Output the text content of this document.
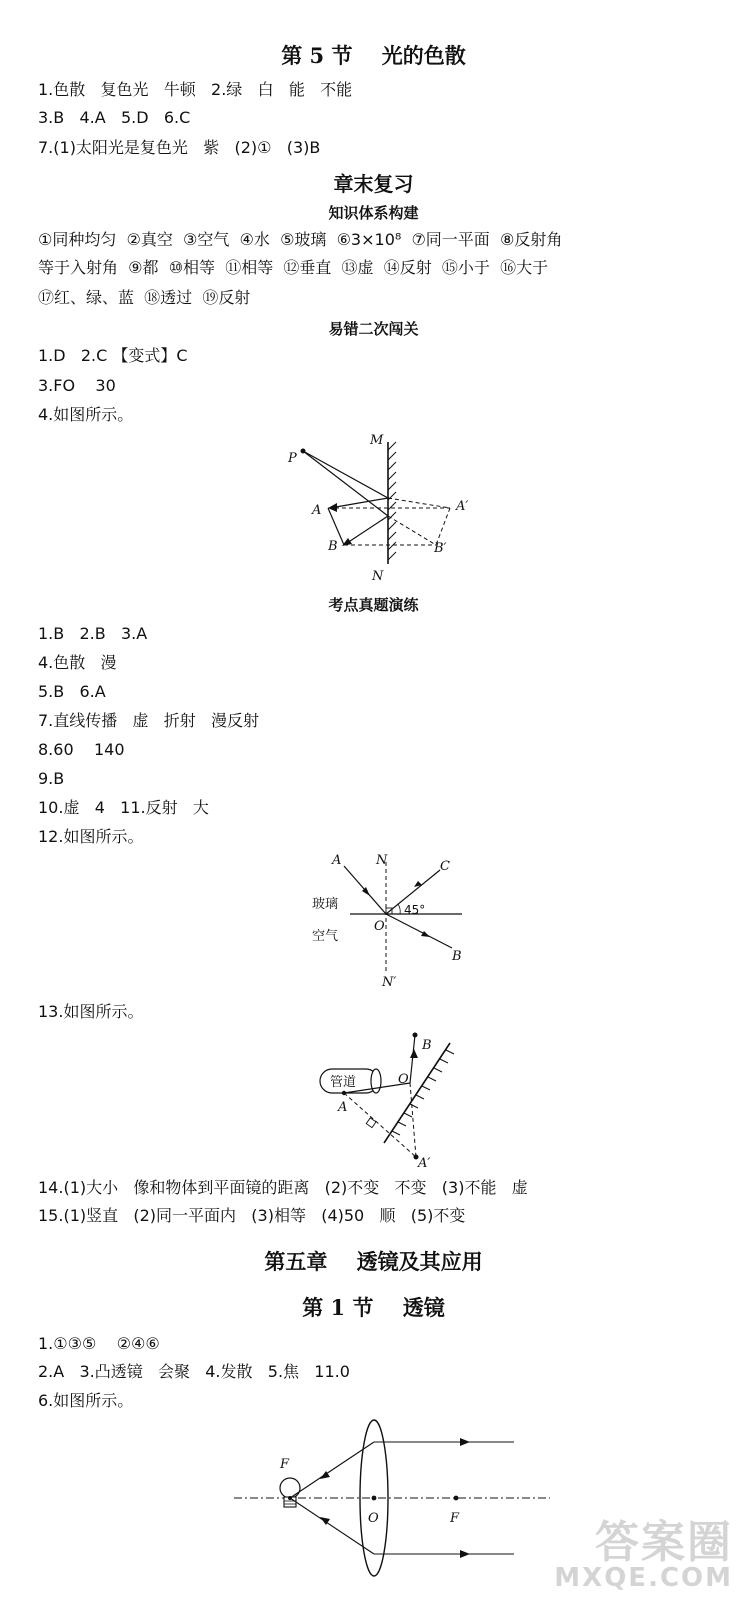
第 5 节    光的色散
1.色散   复色光   牛顿   2.绿   白   能   不能
3.B   4.A   5.D   6.C
7.(1)太阳光是复色光   紫   (2)①   (3)B
章末复习
知识体系构建
①同种均匀  ②真空  ③空气  ④水  ⑤玻璃  ⑥3×10⁸  ⑦同一平面  ⑧反射角
等于入射角  ⑨都  ⑩相等  ⑪相等  ⑫垂直  ⑬虚  ⑭反射  ⑮小于  ⑯大于
⑰红、绿、蓝  ⑱透过  ⑲反射
易错二次闯关
1.D   2.C 【变式】C
3.FO    30
4.如图所示。
P
M
A	A′
B	B′
N
考点真题演练
1.B   2.B   3.A
4.色散   漫
5.B   6.A
7.直线传播   虚   折射   漫反射
8.60    140
9.B
10.虚   4   11.反射   大
12.如图所示。
A	N	C
玻璃	45°
O
空气
B
N′
13.如图所示。
管道
B
O
A
A′
14.(1)大小   像和物体到平面镜的距离   (2)不变   不变   (3)不能   虚
15.(1)竖直   (2)同一平面内   (3)相等   (4)50   顺   (5)不变
第五章    透镜及其应用
第 1 节    透镜
1.①③⑤    ②④⑥
2.A   3.凸透镜   会聚   4.发散   5.焦   11.0
6.如图所示。
F
O	F	答案圈
MXQE.COM
